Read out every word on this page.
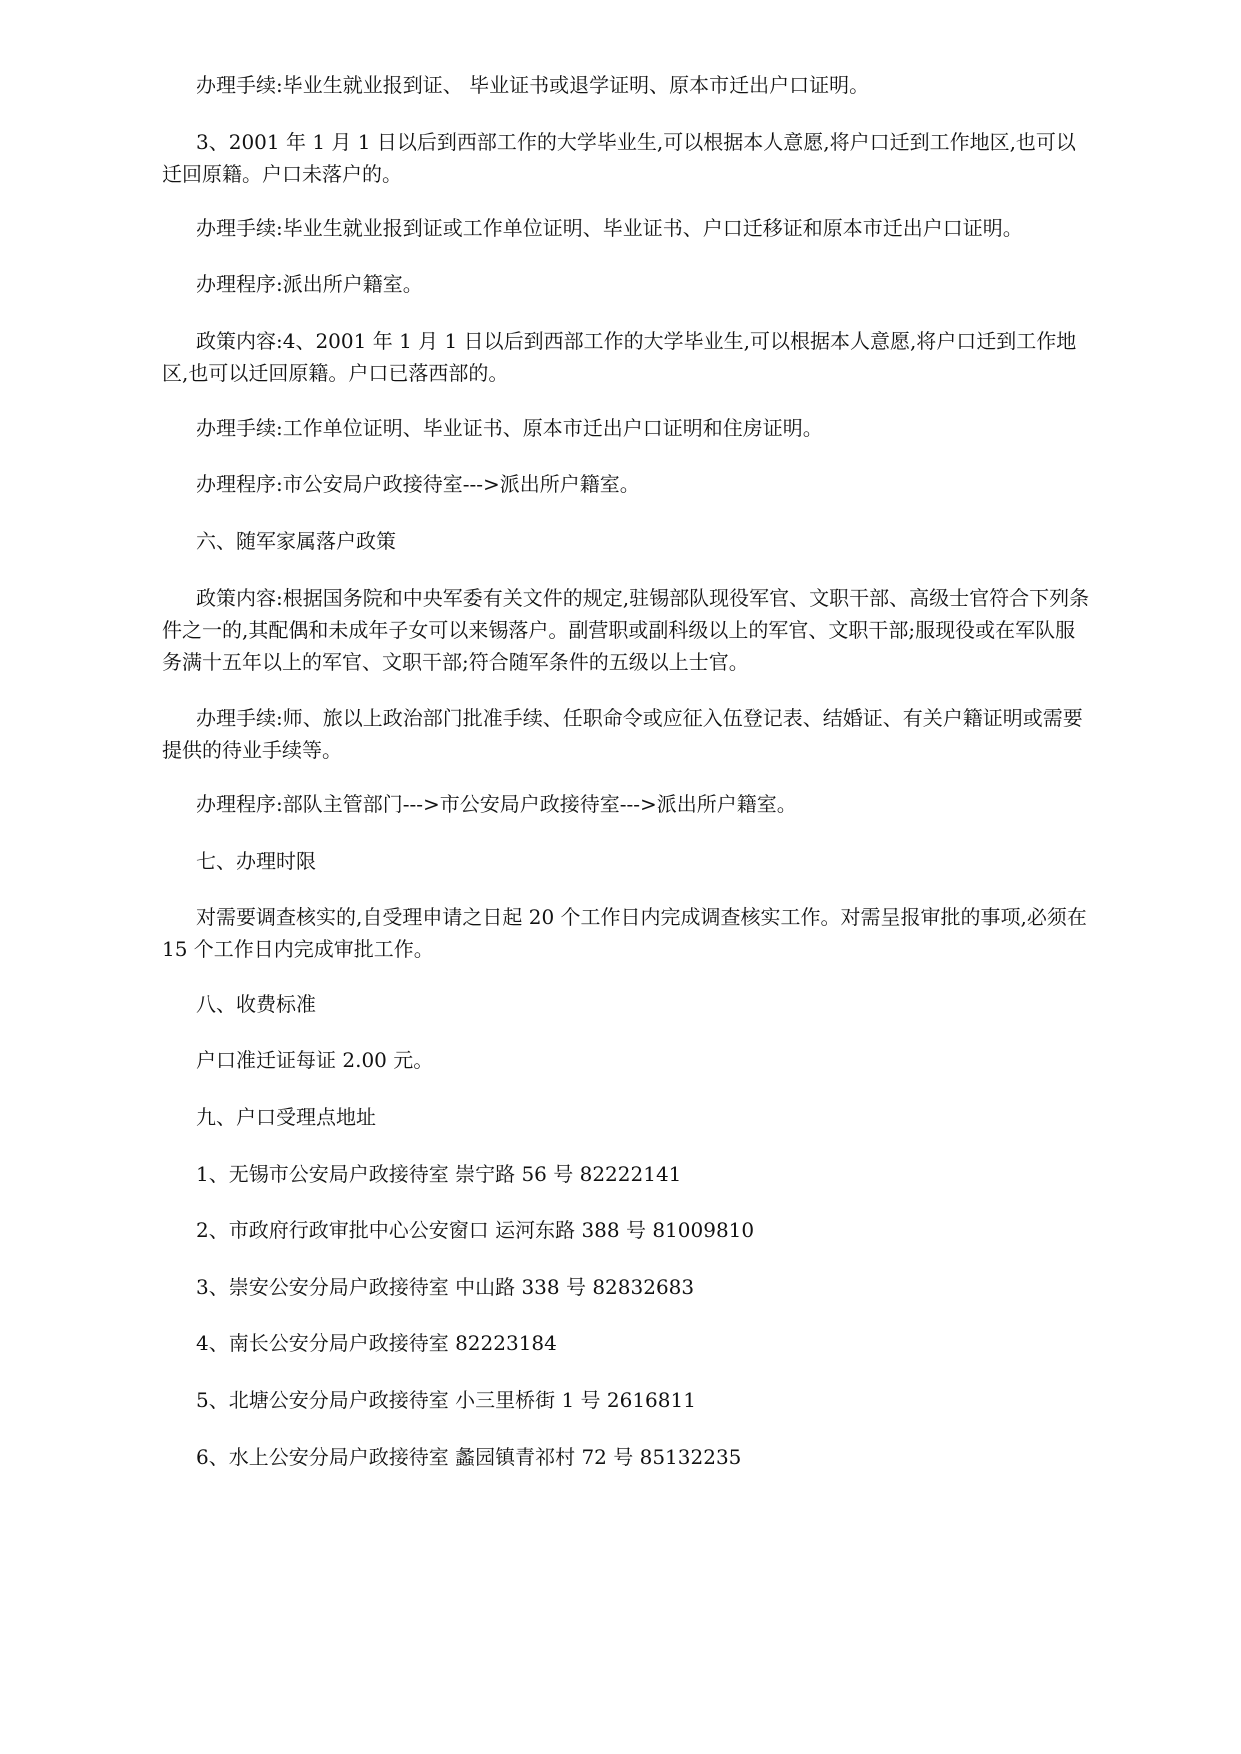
办理手续:毕业生就业报到证、 毕业证书或退学证明、原本市迁出户口证明。

3、2001 年 1 月 1 日以后到西部工作的大学毕业生,可以根据本人意愿,将户口迁到工作地区,也可以迁回原籍。户口未落户的。

办理手续:毕业生就业报到证或工作单位证明、毕业证书、户口迁移证和原本市迁出户口证明。

办理程序:派出所户籍室。

政策内容:4、2001 年 1 月 1 日以后到西部工作的大学毕业生,可以根据本人意愿,将户口迁到工作地区,也可以迁回原籍。户口已落西部的。

办理手续:工作单位证明、毕业证书、原本市迁出户口证明和住房证明。

办理程序:市公安局户政接待室--->派出所户籍室。

六、随军家属落户政策

政策内容:根据国务院和中央军委有关文件的规定,驻锡部队现役军官、文职干部、高级士官符合下列条件之一的,其配偶和未成年子女可以来锡落户。副营职或副科级以上的军官、文职干部;服现役或在军队服务满十五年以上的军官、文职干部;符合随军条件的五级以上士官。

办理手续:师、旅以上政治部门批准手续、任职命令或应征入伍登记表、结婚证、有关户籍证明或需要提供的待业手续等。

办理程序:部队主管部门--->市公安局户政接待室--->派出所户籍室。

七、办理时限

对需要调查核实的,自受理申请之日起 20 个工作日内完成调查核实工作。对需呈报审批的事项,必须在 15 个工作日内完成审批工作。

八、收费标准

户口准迁证每证 2.00 元。

九、户口受理点地址

1、无锡市公安局户政接待室 崇宁路 56 号 82222141

2、市政府行政审批中心公安窗口 运河东路 388 号 81009810

3、崇安公安分局户政接待室 中山路 338 号 82832683

4、南长公安分局户政接待室 82223184

5、北塘公安分局户政接待室 小三里桥街 1 号 2616811

6、水上公安分局户政接待室 蠡园镇青祁村 72 号 85132235
